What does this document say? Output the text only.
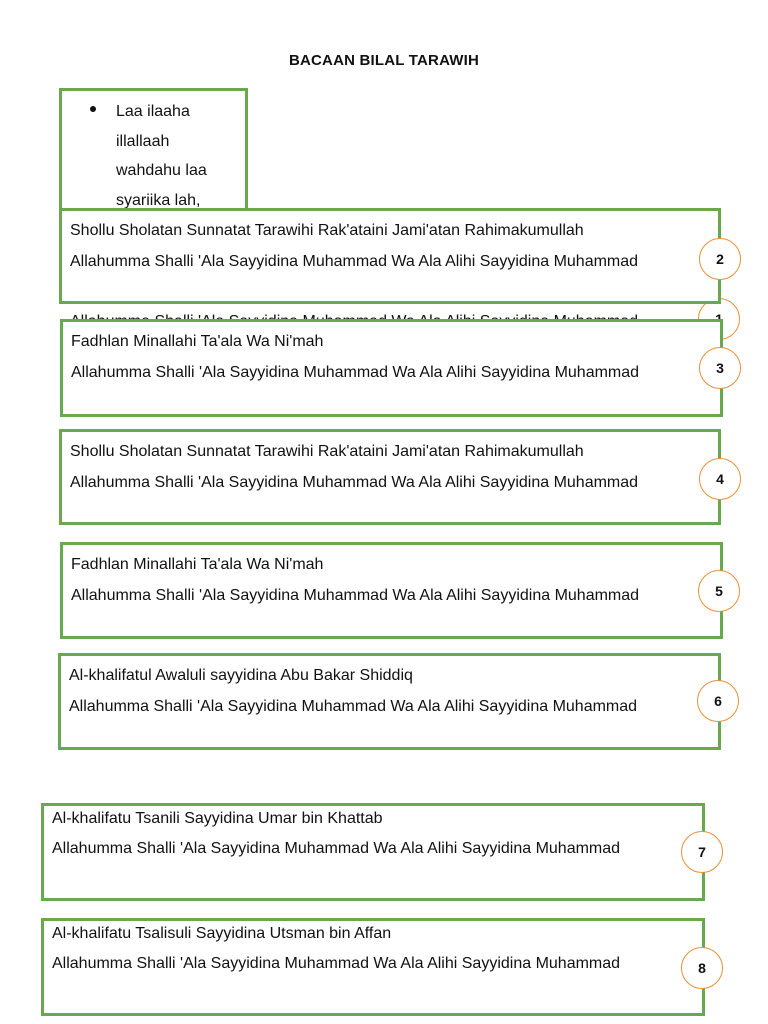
BACAAN BILAL TARAWIH
Laa ilaaha
illallaah
wahdahu laa
syariika lah,
Shollu Sholatan Sunnatat Tarawihi Rak'ataini Jami'atan Rahimakumullah
Allahumma Shalli 'Ala Sayyidina Muhammad Wa Ala Alihi Sayyidina Muhammad	2
Fadhlan Minallahi Ta'ala Wa Ni'mah
Allahumma Shalli 'Ala Sayyidina Muhammad Wa Ala Alihi Sayyidina Muhammad	3
Shollu Sholatan Sunnatat Tarawihi Rak'ataini Jami'atan Rahimakumullah
Allahumma Shalli 'Ala Sayyidina Muhammad Wa Ala Alihi Sayyidina Muhammad	4
Fadhlan Minallahi Ta'ala Wa Ni'mah
Allahumma Shalli 'Ala Sayyidina Muhammad Wa Ala Alihi Sayyidina Muhammad	5
Al-khalifatul Awaluli sayyidina Abu Bakar Shiddiq
Allahumma Shalli 'Ala Sayyidina Muhammad Wa Ala Alihi Sayyidina Muhammad	6
Al-khalifatu Tsanili Sayyidina Umar bin Khattab
Allahumma Shalli 'Ala Sayyidina Muhammad Wa Ala Alihi Sayyidina Muhammad	7
Al-khalifatu Tsalisuli Sayyidina Utsman bin Affan
Allahumma Shalli 'Ala Sayyidina Muhammad Wa Ala Alihi Sayyidina Muhammad	8
